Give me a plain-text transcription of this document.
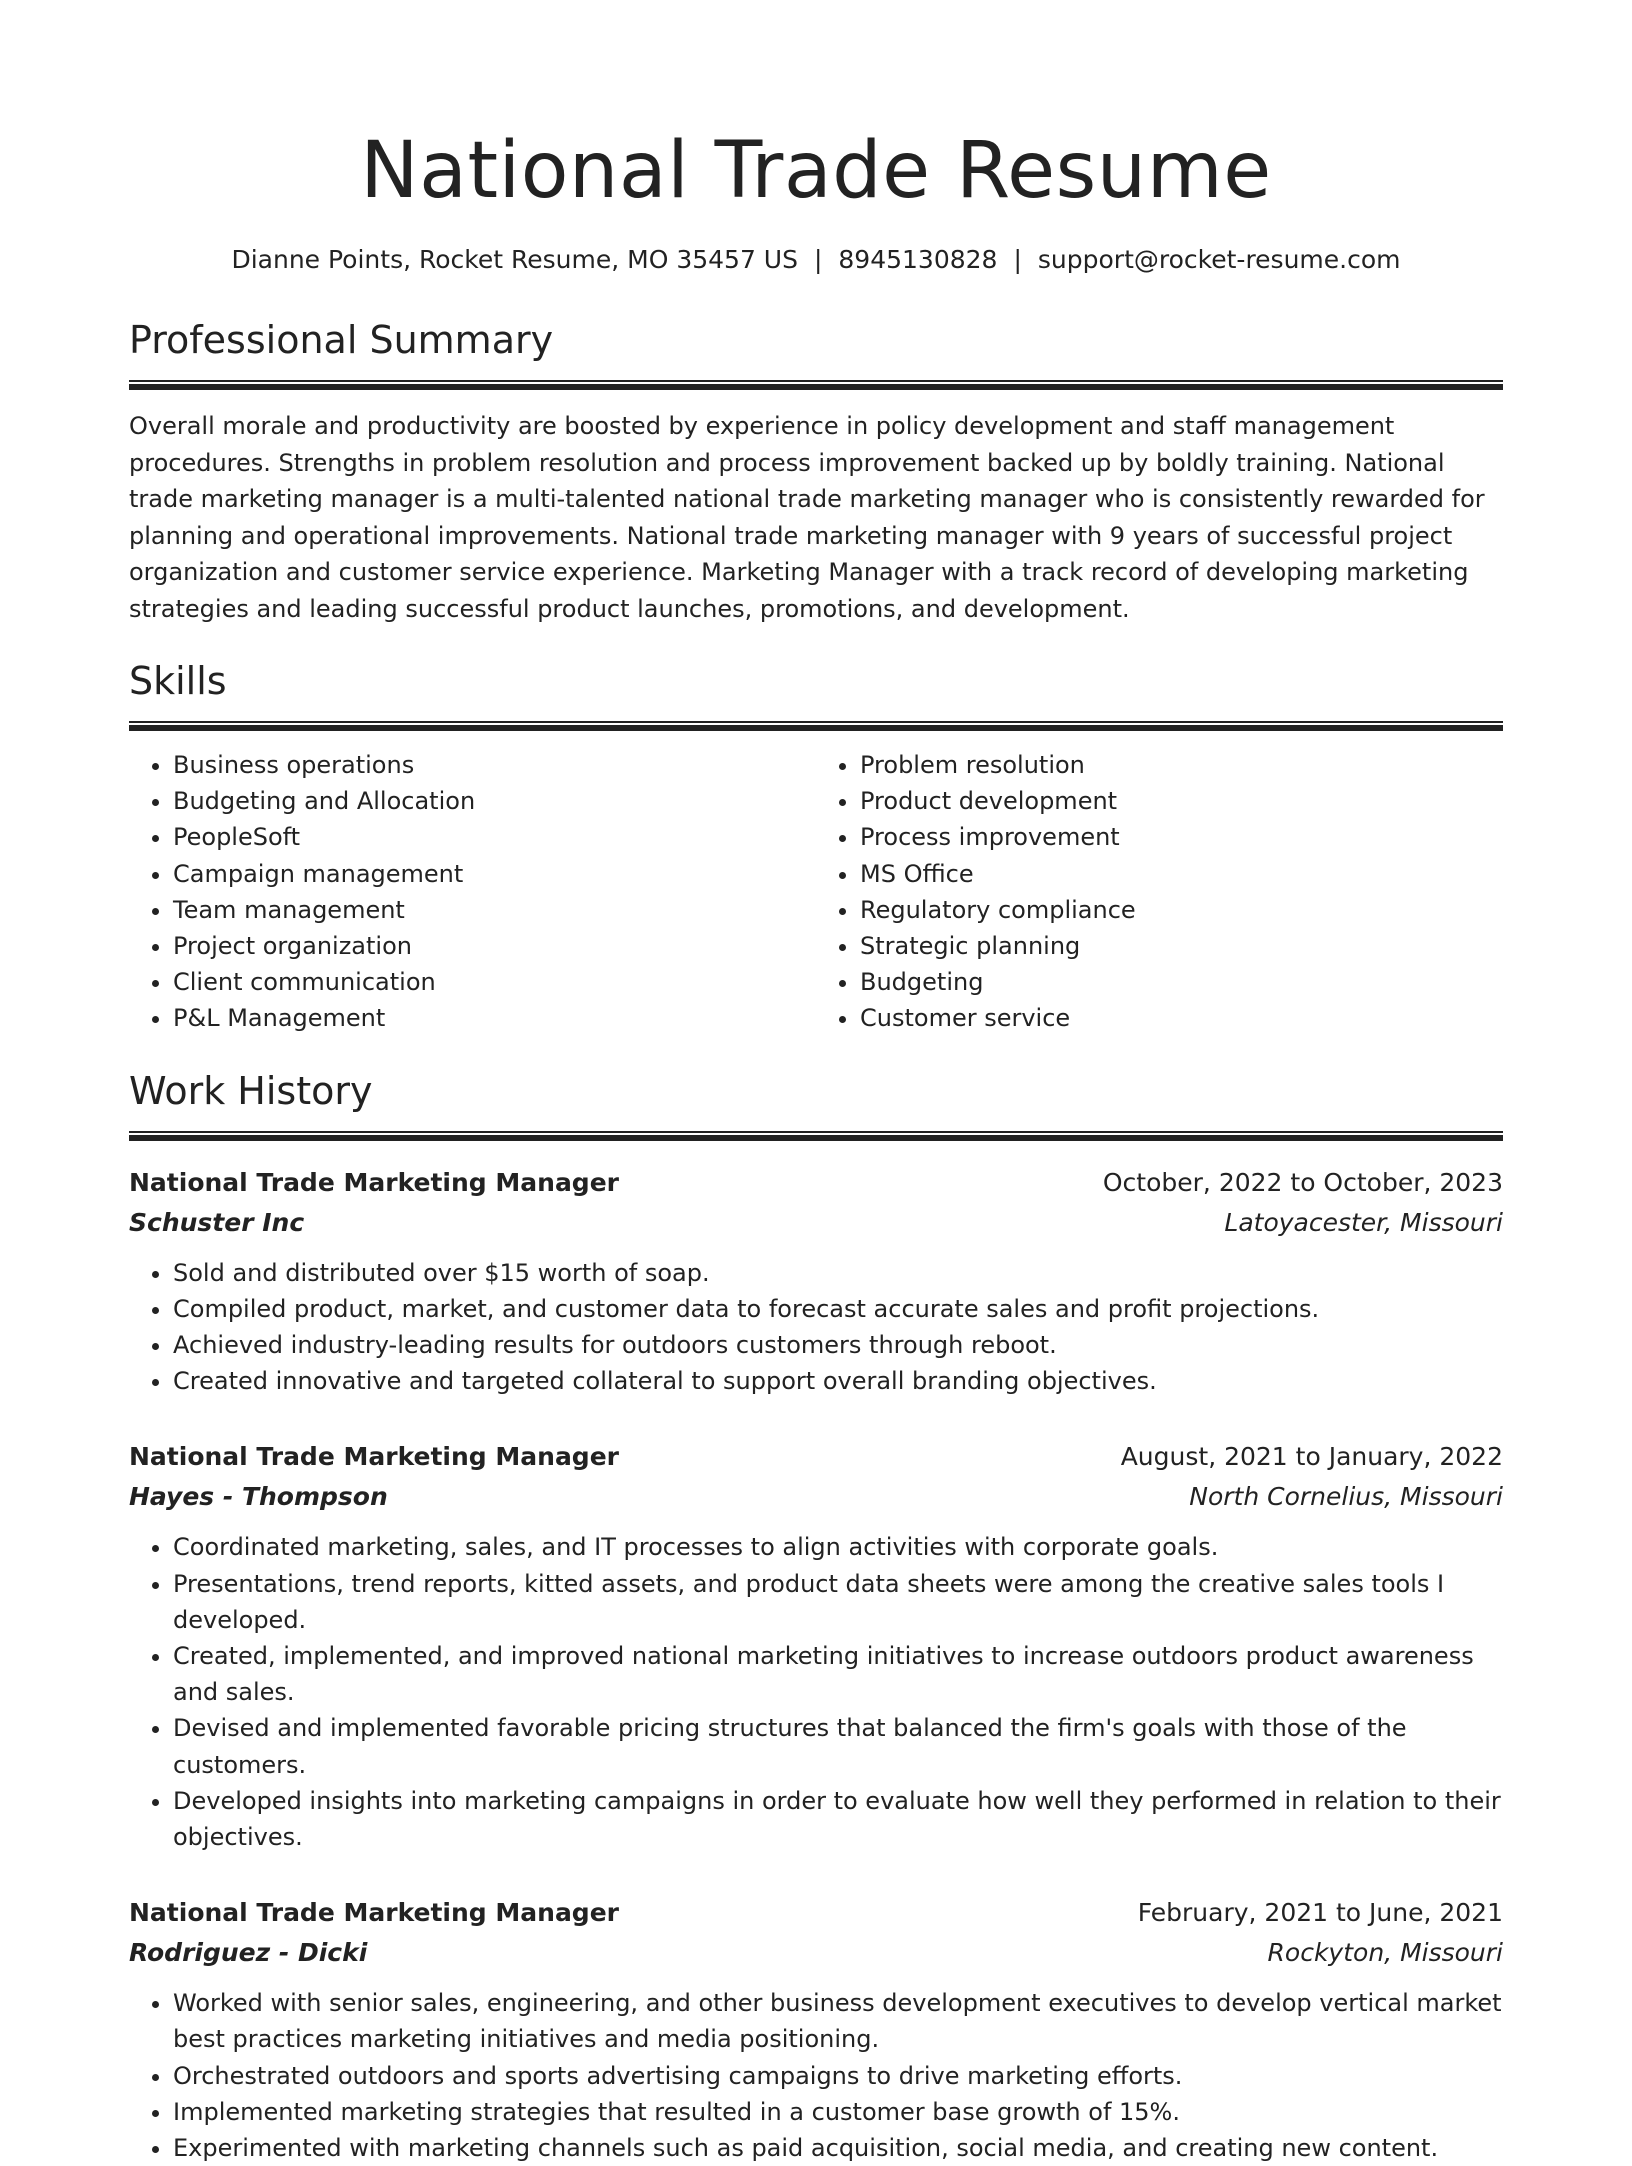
National Trade Resume
Dianne Points, Rocket Resume, MO 35457 US | 8945130828 | support@rocket-resume.com
Professional Summary

Overall morale and productivity are boosted by experience in policy development and staff management procedures. Strengths in problem resolution and process improvement backed up by boldly training. National trade marketing manager is a multi-talented national trade marketing manager who is consistently rewarded for planning and operational improvements. National trade marketing manager with 9 years of successful project organization and customer service experience. Marketing Manager with a track record of developing marketing strategies and leading successful product launches, promotions, and development.

Skills
• Business operations
• Budgeting and Allocation
• PeopleSoft
• Campaign management
• Team management
• Project organization
• Client communication
• P&L Management
• Problem resolution
• Product development
• Process improvement
• MS Office
• Regulatory compliance
• Strategic planning
• Budgeting
• Customer service
Work History
National Trade Marketing Manager	October, 2022 to October, 2023
Schuster Inc	Latoyacester, Missouri
• Sold and distributed over $15 worth of soap.
• Compiled product, market, and customer data to forecast accurate sales and profit projections.
• Achieved industry-leading results for outdoors customers through reboot.
• Created innovative and targeted collateral to support overall branding objectives.
National Trade Marketing Manager	August, 2021 to January, 2022
Hayes - Thompson	North Cornelius, Missouri
• Coordinated marketing, sales, and IT processes to align activities with corporate goals.
• Presentations, trend reports, kitted assets, and product data sheets were among the creative sales tools I developed.
• Created, implemented, and improved national marketing initiatives to increase outdoors product awareness and sales.
• Devised and implemented favorable pricing structures that balanced the firm's goals with those of the customers.
• Developed insights into marketing campaigns in order to evaluate how well they performed in relation to their objectives.
National Trade Marketing Manager	February, 2021 to June, 2021
Rodriguez - Dicki	Rockyton, Missouri
• Worked with senior sales, engineering, and other business development executives to develop vertical market best practices marketing initiatives and media positioning.
• Orchestrated outdoors and sports advertising campaigns to drive marketing efforts.
• Implemented marketing strategies that resulted in a customer base growth of 15%.
• Experimented with marketing channels such as paid acquisition, social media, and creating new content.
